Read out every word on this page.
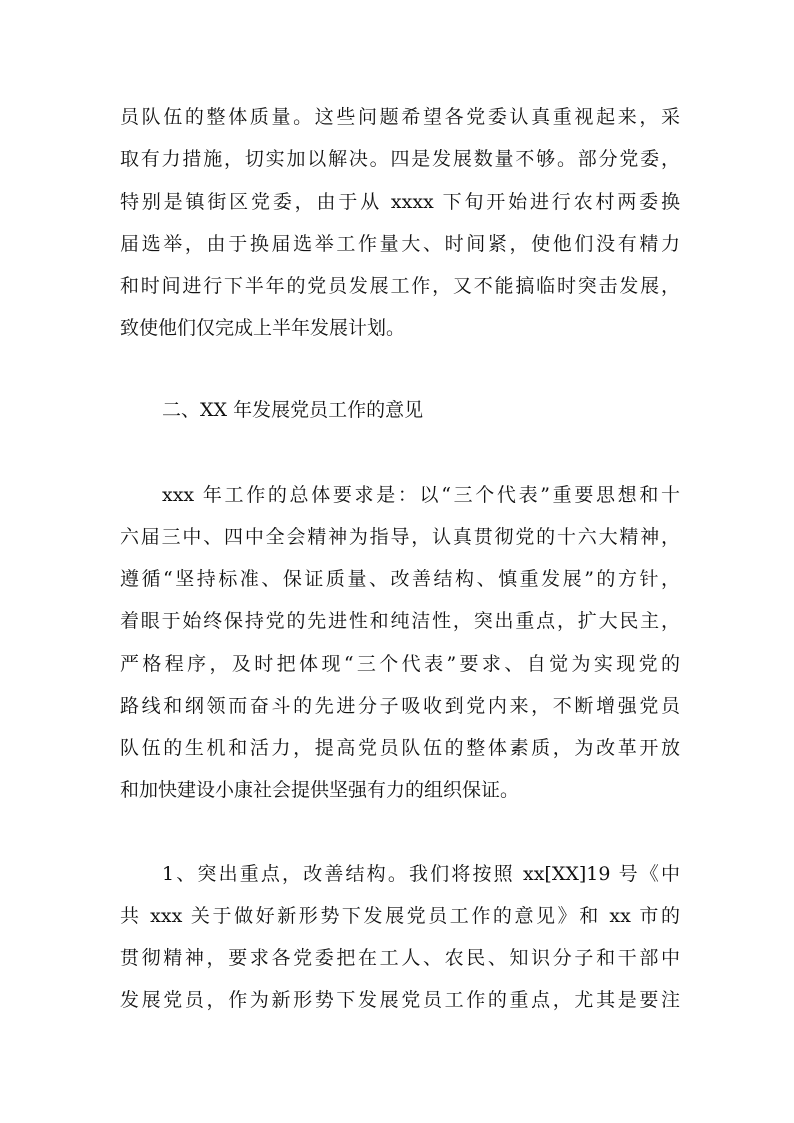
员队伍的整体质量。这些问题希望各党委认真重视起来，采
取有力措施，切实加以解决。四是发展数量不够。部分党委，
特别是镇街区党委，由于从 xxxx 下旬开始进行农村两委换
届选举，由于换届选举工作量大、时间紧，使他们没有精力
和时间进行下半年的党员发展工作，又不能搞临时突击发展，
致使他们仅完成上半年发展计划。
二、XX 年发展党员工作的意见
xxx 年工作的总体要求是：以“三个代表”重要思想和十
六届三中、四中全会精神为指导，认真贯彻党的十六大精神，
遵循“坚持标准、保证质量、改善结构、慎重发展”的方针，
着眼于始终保持党的先进性和纯洁性，突出重点，扩大民主，
严格程序，及时把体现“三个代表”要求、自觉为实现党的
路线和纲领而奋斗的先进分子吸收到党内来，不断增强党员
队伍的生机和活力，提高党员队伍的整体素质，为改革开放
和加快建设小康社会提供坚强有力的组织保证。
1、突出重点，改善结构。我们将按照 xx[XX]19 号《中
共 xxx 关于做好新形势下发展党员工作的意见》和 xx 市的
贯彻精神，要求各党委把在工人、农民、知识分子和干部中
发展党员，作为新形势下发展党员工作的重点，尤其是要注
